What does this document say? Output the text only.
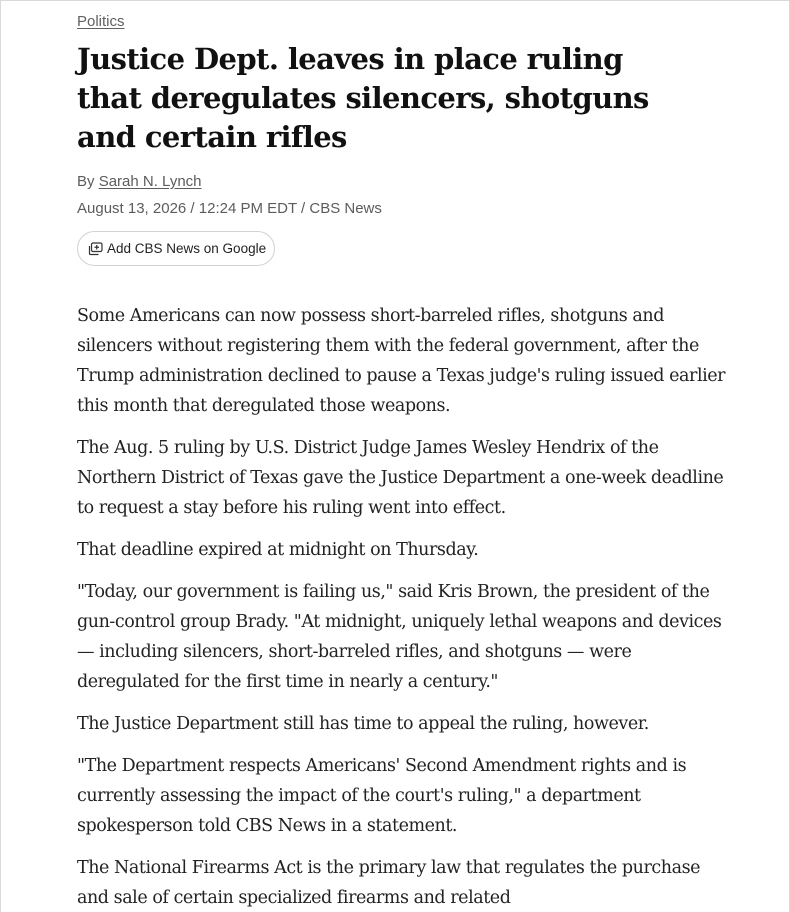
Politics
Justice Dept. leaves in place ruling that deregulates silencers, shotguns and certain rifles
By Sarah N. Lynch
August 13, 2026 / 12:24 PM EDT / CBS News
Add CBS News on Google

Some Americans can now possess short-barreled rifles, shotguns and silencers without registering them with the federal government, after the Trump administration declined to pause a Texas judge's ruling issued earlier this month that deregulated those weapons.

The Aug. 5 ruling by U.S. District Judge James Wesley Hendrix of the Northern District of Texas gave the Justice Department a one-week deadline to request a stay before his ruling went into effect.

That deadline expired at midnight on Thursday.

"Today, our government is failing us," said Kris Brown, the president of the gun-control group Brady. "At midnight, uniquely lethal weapons and devices — including silencers, short-barreled rifles, and shotguns — were deregulated for the first time in nearly a century."

The Justice Department still has time to appeal the ruling, however.

"The Department respects Americans' Second Amendment rights and is currently assessing the impact of the court's ruling," a department spokesperson told CBS News in a statement.

The National Firearms Act is the primary law that regulates the purchase and sale of certain specialized firearms and related
